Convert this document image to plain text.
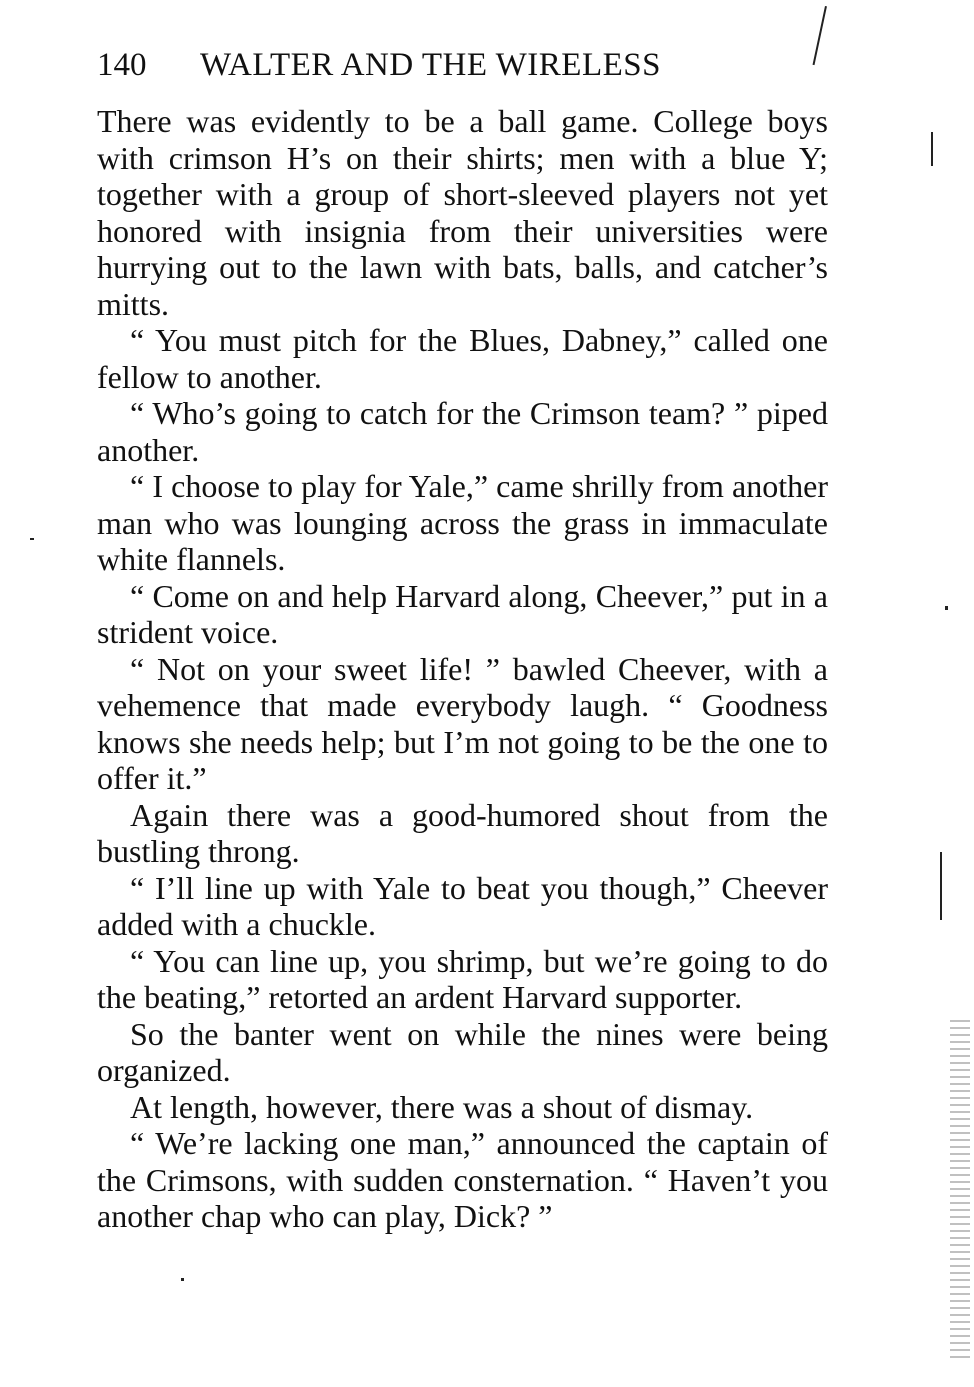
140 WALTER AND THE WIRELESS

There was evidently to be a ball game. College boys with crimson H’s on their shirts; men with a blue Y; together with a group of short-sleeved players not yet honored with insignia from their universities were hurrying out to the lawn with bats, balls, and catcher’s mitts.

“ You must pitch for the Blues, Dabney,” called one fellow to another.

“ Who’s going to catch for the Crimson team? ” piped another.

“ I choose to play for Yale,” came shrilly from another man who was lounging across the grass in immaculate white flannels.

“ Come on and help Harvard along, Cheever,” put in a strident voice.

“ Not on your sweet life! ” bawled Cheever, with a vehemence that made everybody laugh. “ Goodness knows she needs help; but I’m not going to be the one to offer it.”

Again there was a good-humored shout from the bustling throng.

“ I’ll line up with Yale to beat you though,” Cheever added with a chuckle.

“ You can line up, you shrimp, but we’re going to do the beating,” retorted an ardent Harvard supporter.

So the banter went on while the nines were being organized.

At length, however, there was a shout of dismay.

“ We’re lacking one man,” announced the captain of the Crimsons, with sudden consternation. “ Haven’t you another chap who can play, Dick? ”
